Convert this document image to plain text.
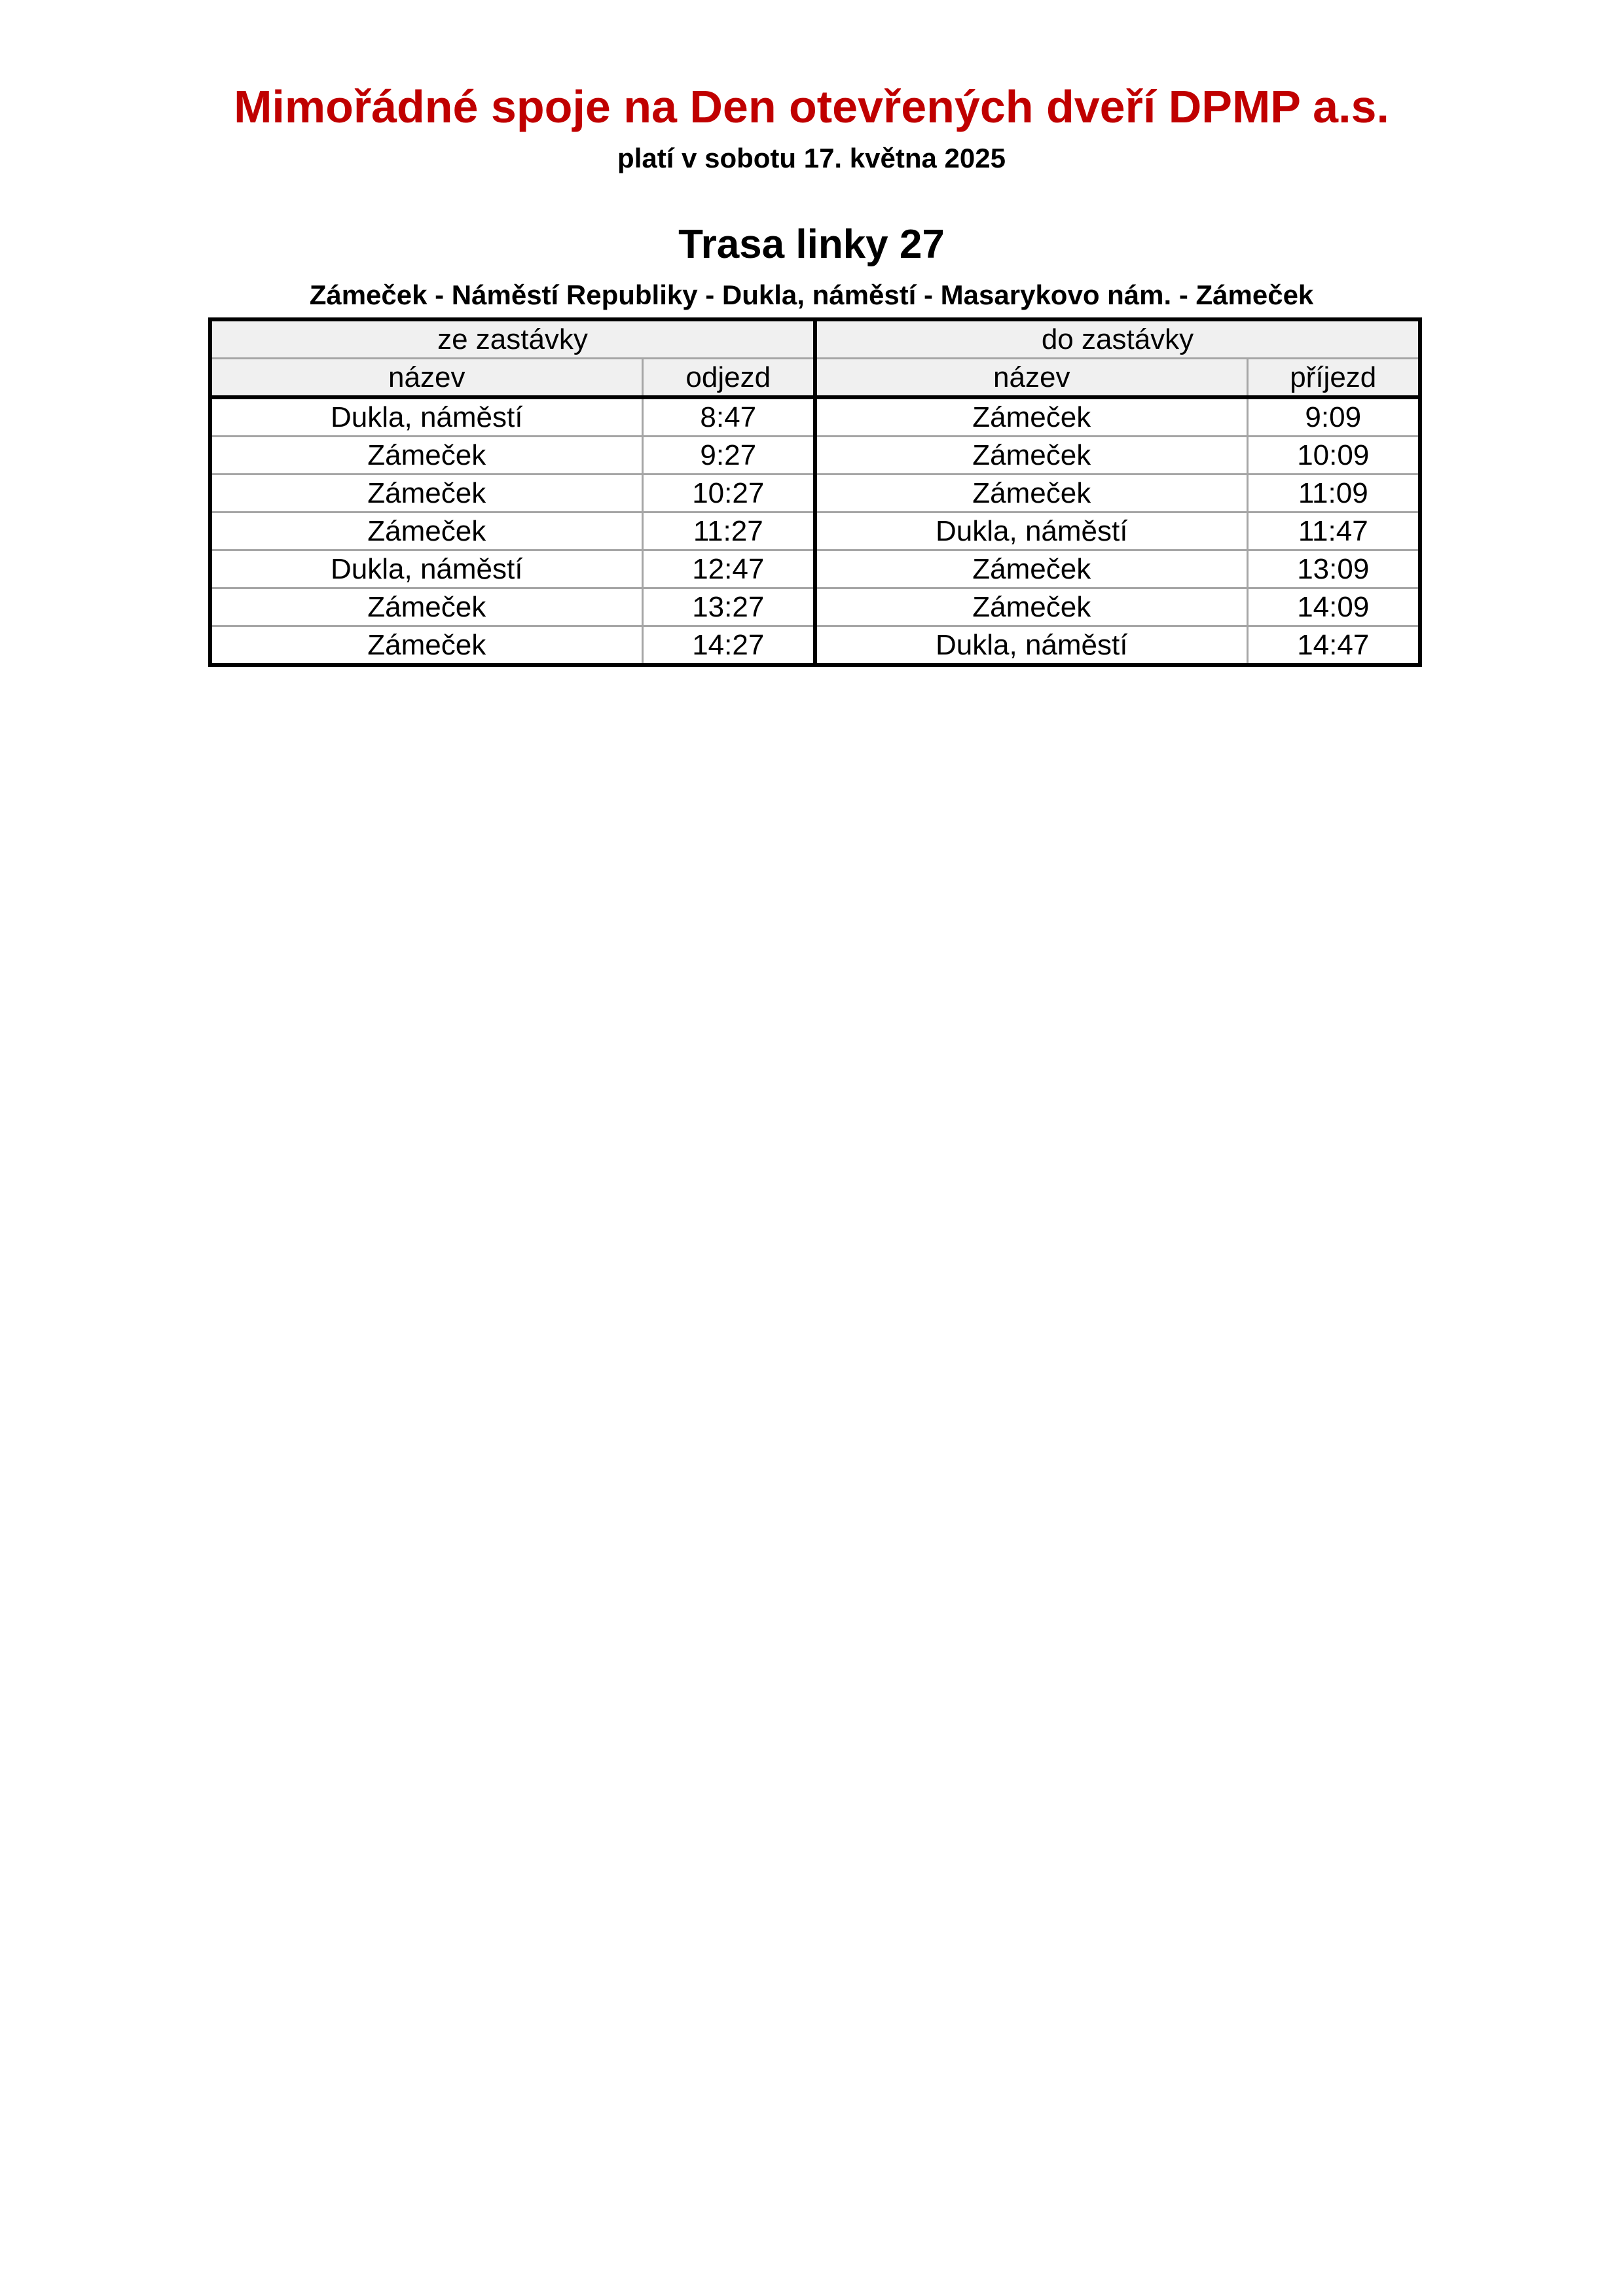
Mimořádné spoje na Den otevřených dveří DPMP a.s.
platí v sobotu 17. května 2025
Trasa linky 27
Zámeček - Náměstí Republiky - Dukla, náměstí - Masarykovo nám. - Zámeček
ze zastávky		do zastávky	
název	odjezd	název	příjezd
Dukla, náměstí	8:47	Zámeček	9:09
Zámeček	9:27	Zámeček	10:09
Zámeček	10:27	Zámeček	11:09
Zámeček	11:27	Dukla, náměstí	11:47
Dukla, náměstí	12:47	Zámeček	13:09
Zámeček	13:27	Zámeček	14:09
Zámeček	14:27	Dukla, náměstí	14:47
